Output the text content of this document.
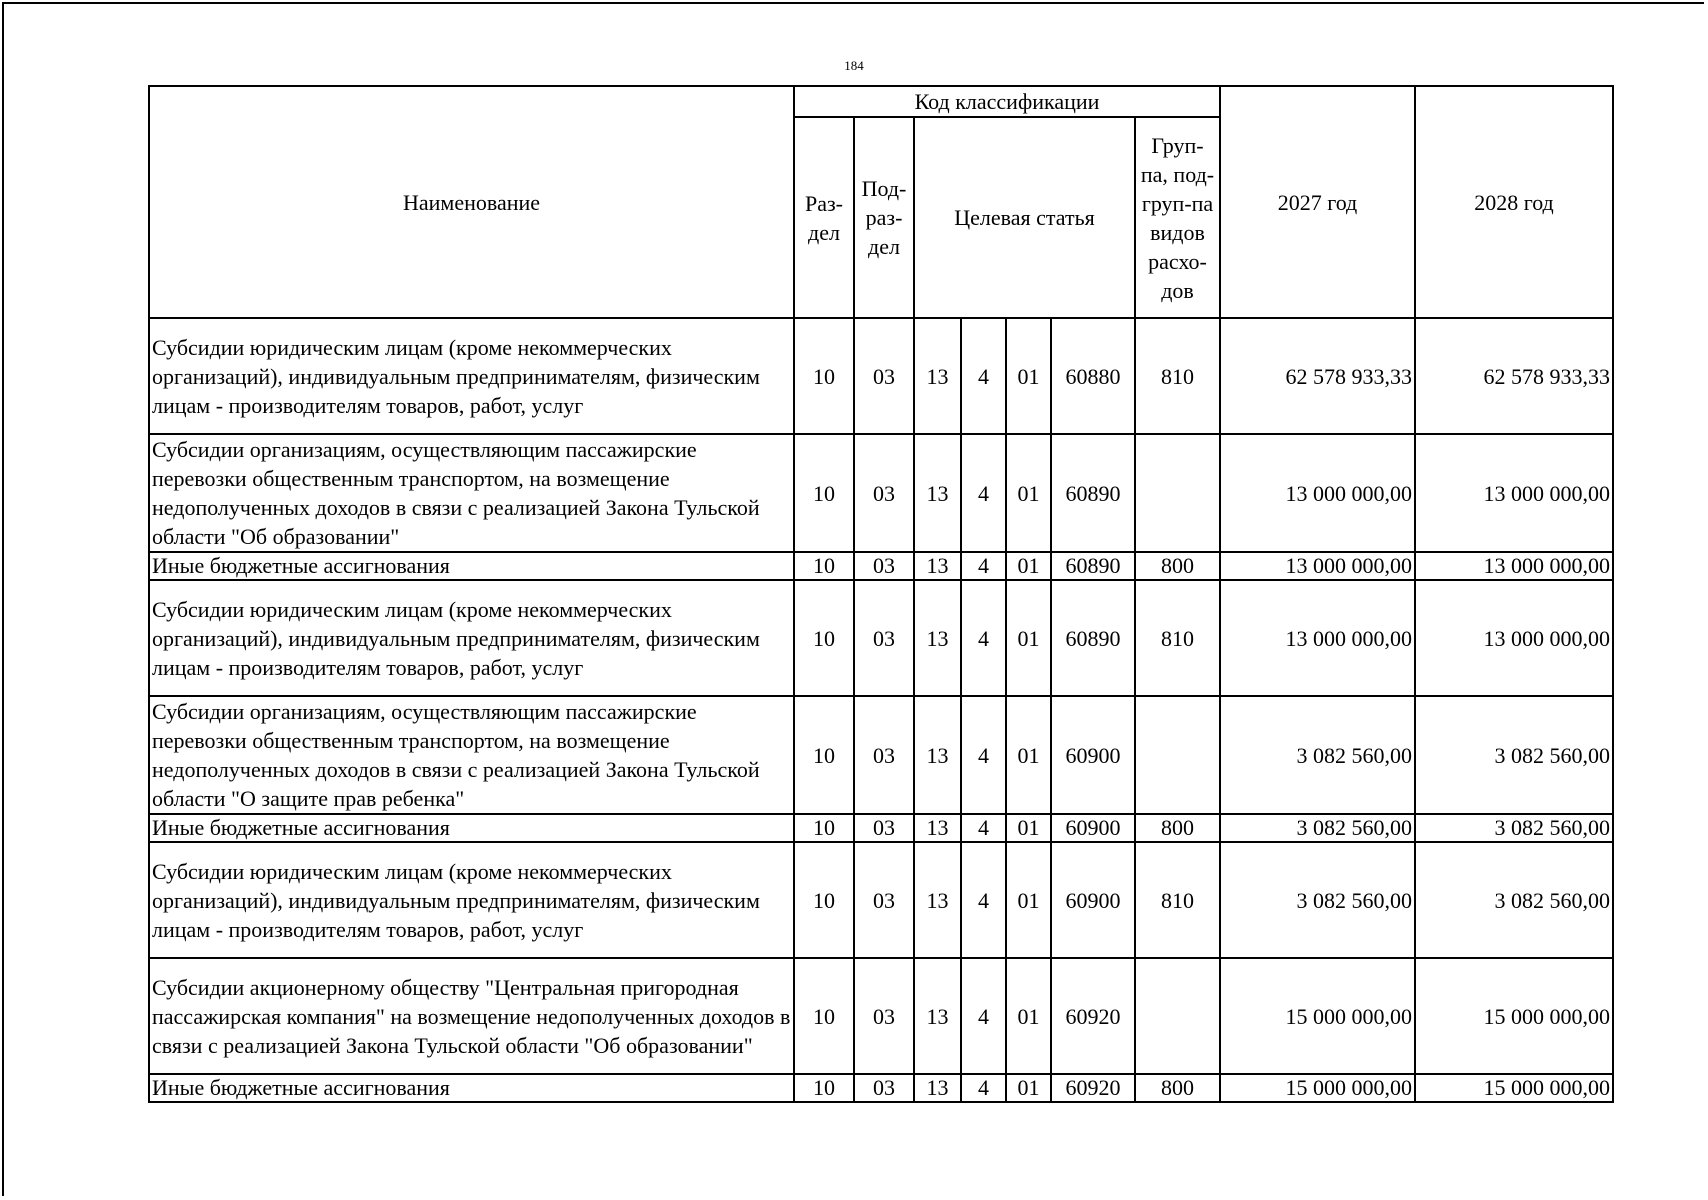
184
Наименование	Код классификации							2027 год	2028 год
	Раз-дел	Под-раз-дел	Целевая статья				Груп-па, под-груп-па видов расхо-дов		
Субсидии юридическим лицам (кроме некоммерческих организаций), индивидуальным предпринимателям, физическим лицам - производителям товаров, работ, услуг	10	03	13	4	01	60880	810	62 578 933,33	62 578 933,33
Субсидии организациям, осуществляющим пассажирские перевозки общественным транспортом, на возмещение недополученных доходов в связи с реализацией Закона Тульской области "Об образовании"	10	03	13	4	01	60890		13 000 000,00	13 000 000,00
Иные бюджетные ассигнования	10	03	13	4	01	60890	800	13 000 000,00	13 000 000,00
Субсидии юридическим лицам (кроме некоммерческих организаций), индивидуальным предпринимателям, физическим лицам - производителям товаров, работ, услуг	10	03	13	4	01	60890	810	13 000 000,00	13 000 000,00
Субсидии организациям, осуществляющим пассажирские перевозки общественным транспортом, на возмещение недополученных доходов в связи с реализацией Закона Тульской области "О защите прав ребенка"	10	03	13	4	01	60900		3 082 560,00	3 082 560,00
Иные бюджетные ассигнования	10	03	13	4	01	60900	800	3 082 560,00	3 082 560,00
Субсидии юридическим лицам (кроме некоммерческих организаций), индивидуальным предпринимателям, физическим лицам - производителям товаров, работ, услуг	10	03	13	4	01	60900	810	3 082 560,00	3 082 560,00
Субсидии акционерному обществу "Центральная пригородная пассажирская компания" на возмещение недополученных доходов в связи с реализацией Закона Тульской области "Об образовании"	10	03	13	4	01	60920		15 000 000,00	15 000 000,00
Иные бюджетные ассигнования	10	03	13	4	01	60920	800	15 000 000,00	15 000 000,00
